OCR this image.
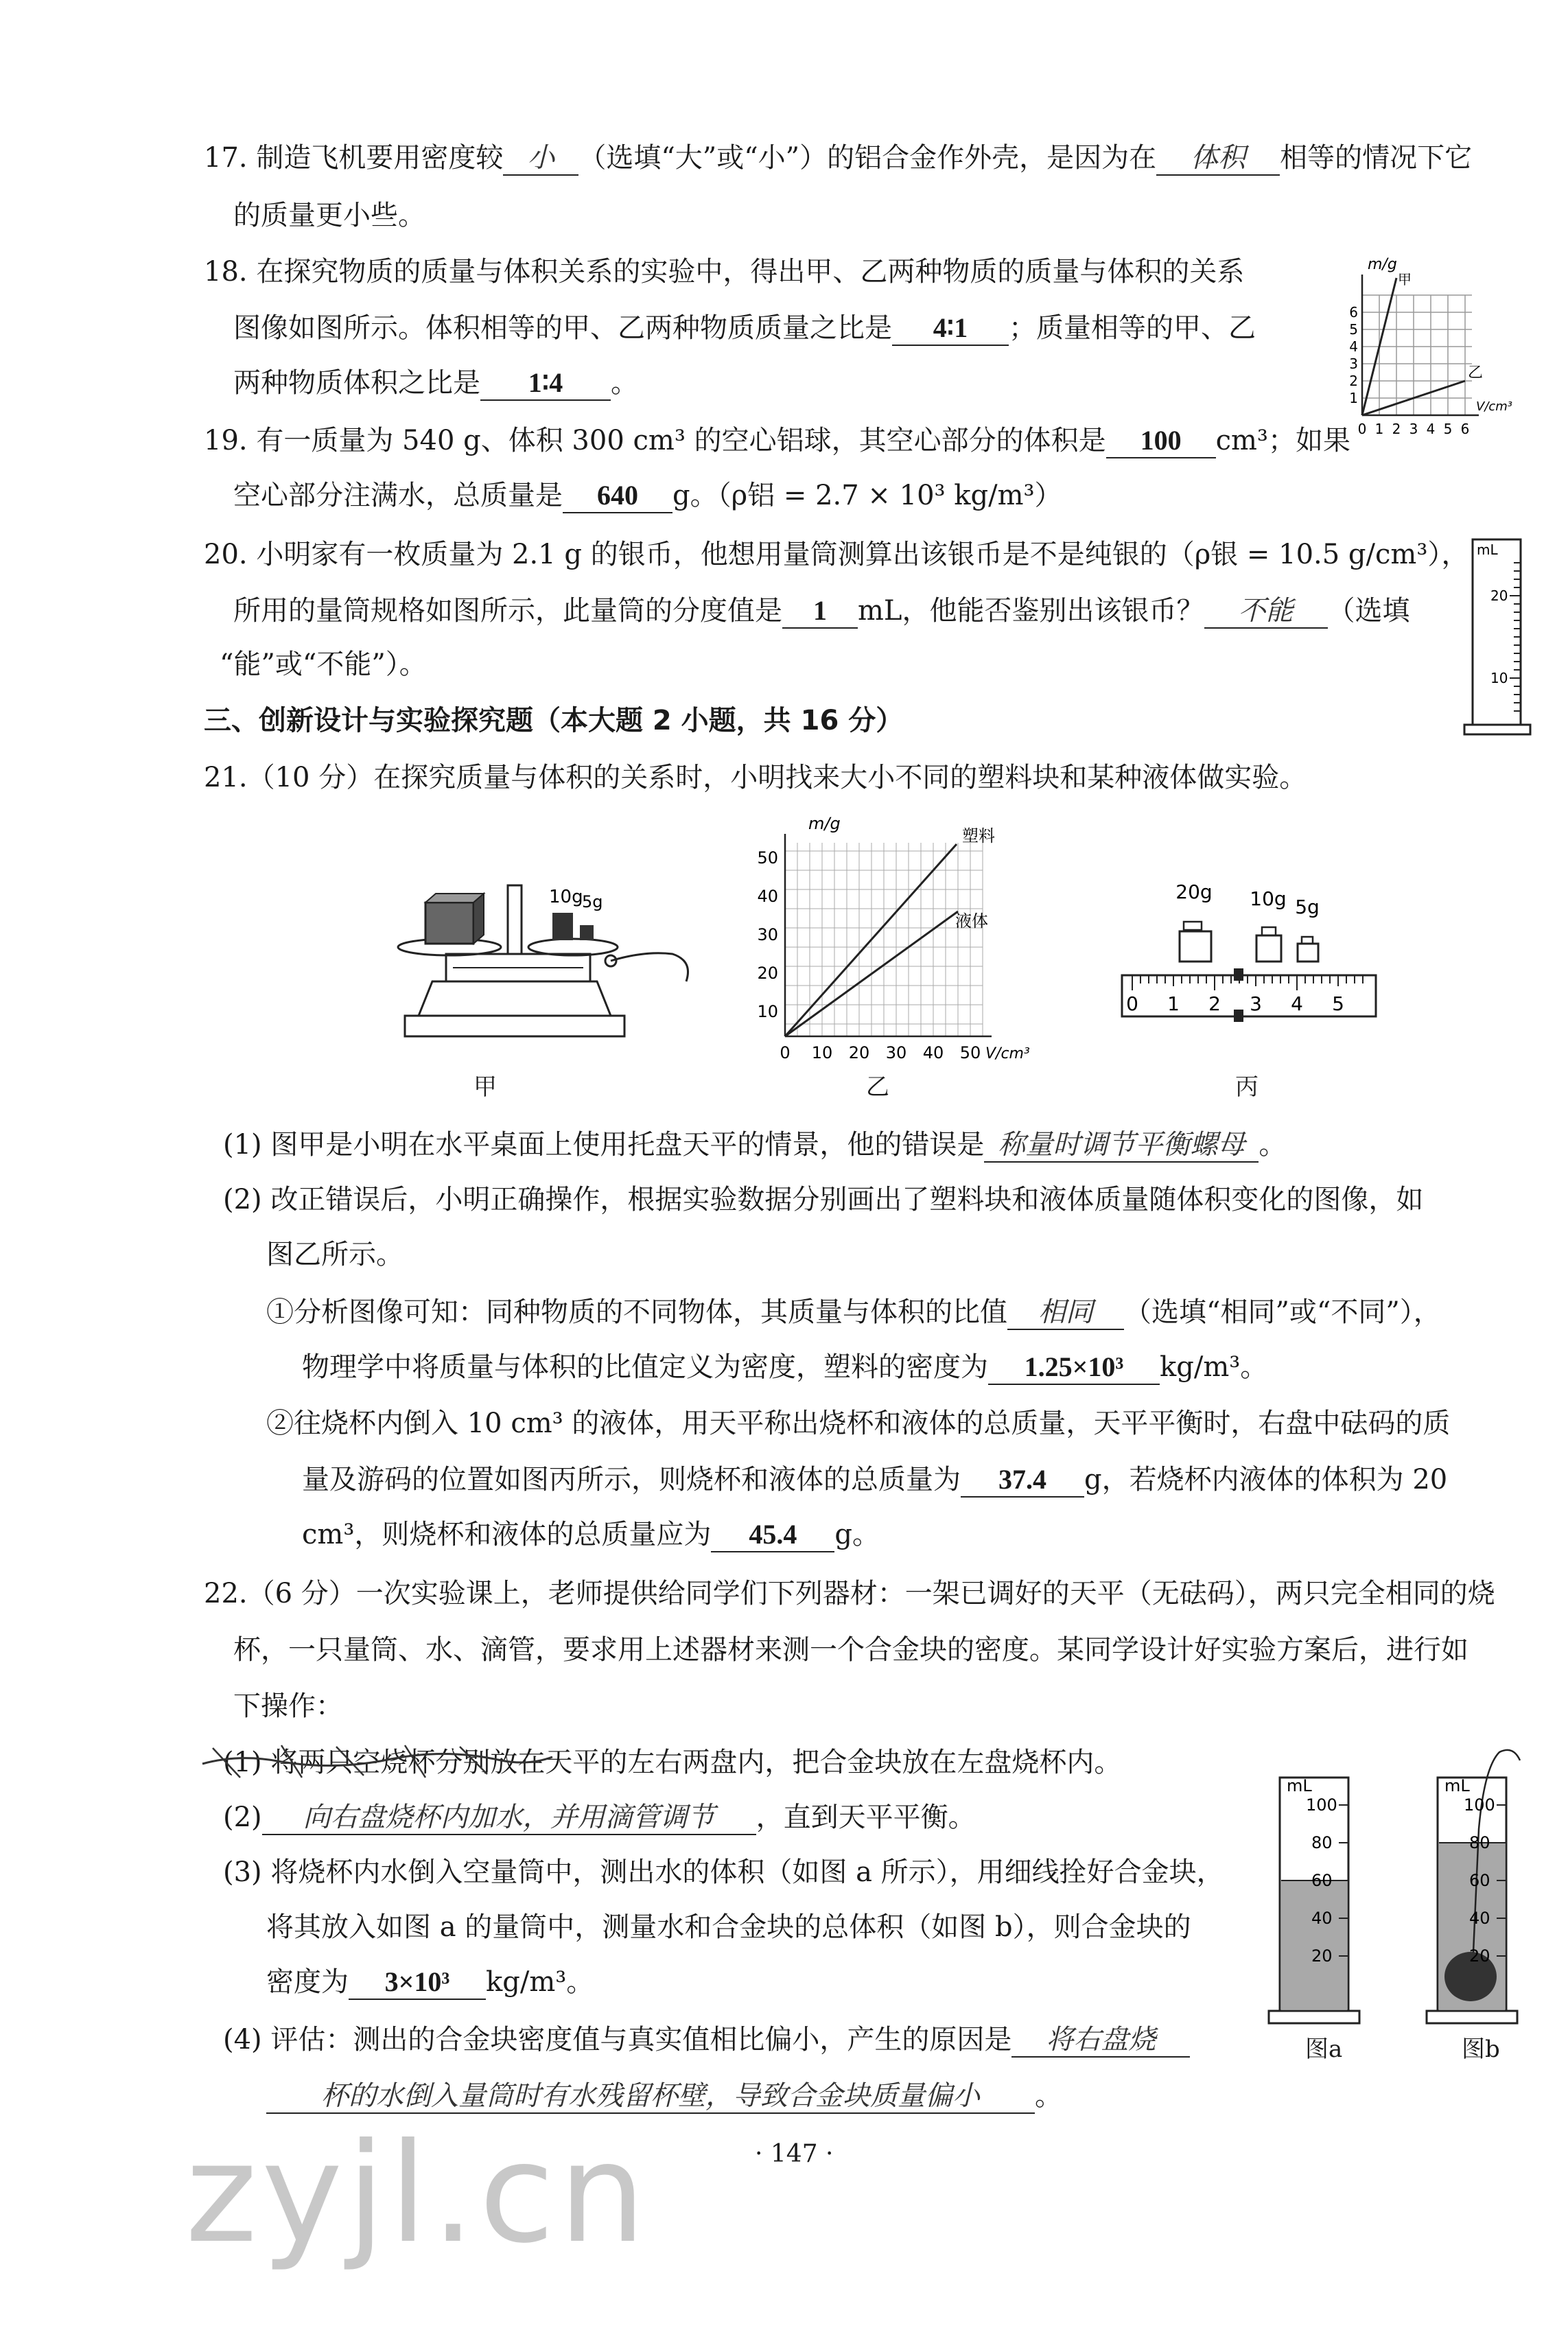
17. 制造飞机要用密度较 小 （选填“大”或“小”）的铝合金作外壳，是因为在 体积 相等的情况下它
的质量更小些。
18. 在探究物质的质量与体积关系的实验中，得出甲、乙两种物质的质量与体积的关系
图像如图所示。体积相等的甲、乙两种物质质量之比是 4∶1 ；质量相等的甲、乙
两种物质体积之比是 1∶4 。
m/g
V/cm³
甲
乙
1
2
3
4
5
6
0 1 2 3 4 5 6
19. 有一质量为 540 g、体积 300 cm³ 的空心铝球，其空心部分的体积是 100 cm³；如果
空心部分注满水，总质量是 640 g。（ρ铝 = 2.7 × 10³ kg/m³）
20. 小明家有一枚质量为 2.1 g 的银币，他想用量筒测算出该银币是不是纯银的（ρ银 = 10.5 g/cm³），
所用的量筒规格如图所示，此量筒的分度值是 1 mL，他能否鉴别出该银币？ 不能 （选填
“能”或“不能”）。
mL
20
10
三、创新设计与实验探究题（本大题 2 小题，共 16 分）
21.（10 分）在探究质量与体积的关系时，小明找来大小不同的塑料块和某种液体做实验。
10g
5g
甲
m/g
塑料
液体
10
20
30
40
50
0 10 20 30 40 50 V/cm³
乙
20g 10g 5g
0 1 2 3 4 5
丙
(1) 图甲是小明在水平桌面上使用托盘天平的情景，他的错误是 称量时调节平衡螺母 。
(2) 改正错误后，小明正确操作，根据实验数据分别画出了塑料块和液体质量随体积变化的图像，如
图乙所示。
①分析图像可知：同种物质的不同物体，其质量与体积的比值 相同 （选填“相同”或“不同”），
物理学中将质量与体积的比值定义为密度，塑料的密度为 1.25×10³ kg/m³。
②往烧杯内倒入 10 cm³ 的液体，用天平称出烧杯和液体的总质量，天平平衡时，右盘中砝码的质
量及游码的位置如图丙所示，则烧杯和液体的总质量为 37.4 g，若烧杯内液体的体积为 20
cm³，则烧杯和液体的总质量应为 45.4 g。
22.（6 分）一次实验课上，老师提供给同学们下列器材：一架已调好的天平（无砝码），两只完全相同的烧
杯，一只量筒、水、滴管，要求用上述器材来测一个合金块的密度。某同学设计好实验方案后，进行如
下操作：
(1) 将两只空烧杯分别放在天平的左右两盘内，把合金块放在左盘烧杯内。
(2) 向右盘烧杯内加水，并用滴管调节 ，直到天平平衡。
(3) 将烧杯内水倒入空量筒中，测出水的体积（如图 a 所示），用细线拴好合金块，
将其放入如图 a 的量筒中，测量水和合金块的总体积（如图 b），则合金块的
密度为 3×10³ kg/m³。
(4) 评估：测出的合金块密度值与真实值相比偏小，产生的原因是 将右盘烧
杯的水倒入量筒时有水残留杯壁，导致合金块质量偏小 。
mL
100
80
60
40
20
图a
mL
100
80
60
40
20
图b
· 147 ·
zyjl.cn
